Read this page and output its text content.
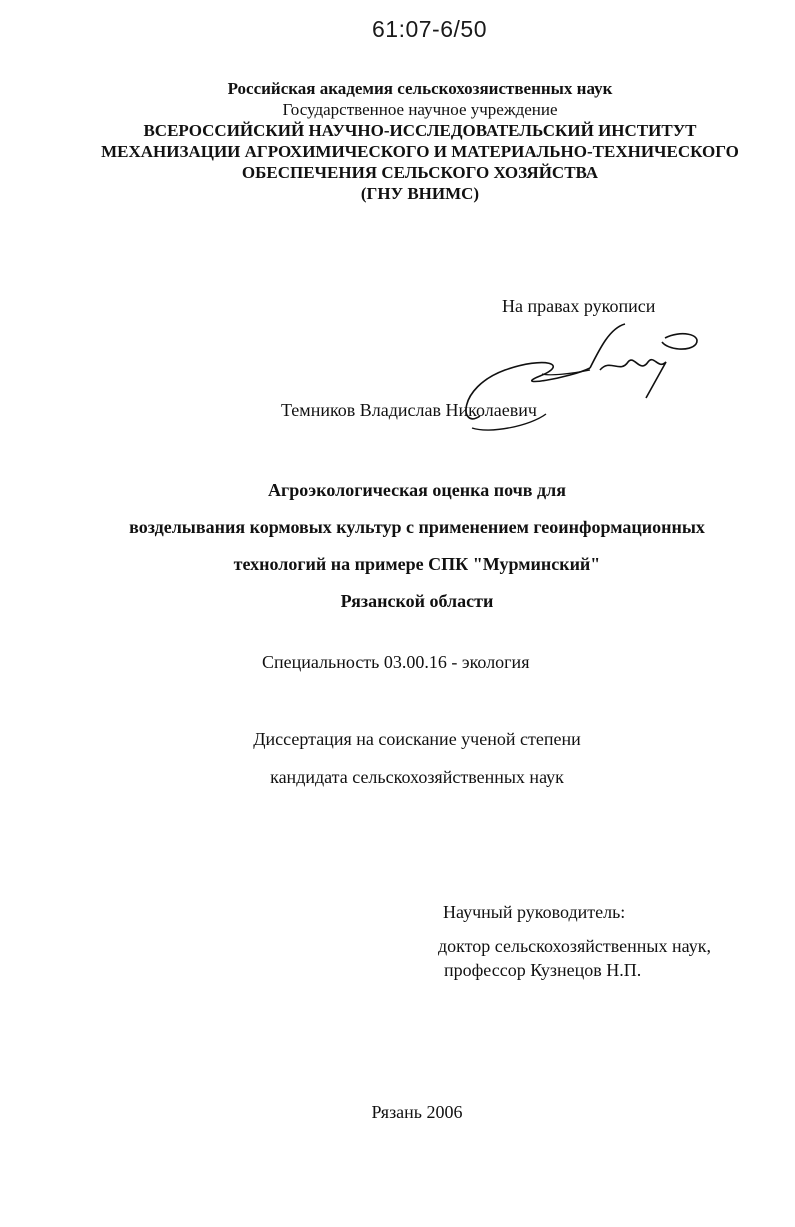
61:07-6/50
Российская академия сельскохозяиственных наук
Государственное научное учреждение
ВСЕРОССИЙСКИЙ НАУЧНО-ИССЛЕДОВАТЕЛЬСКИЙ ИНСТИТУТ
МЕХАНИЗАЦИИ АГРОХИМИЧЕСКОГО И МАТЕРИАЛЬНО-ТЕХНИЧЕСКОГО
ОБЕСПЕЧЕНИЯ СЕЛЬСКОГО ХОЗЯЙСТВА
(ГНУ ВНИМС)
На правах рукописи
Темников Владислав Николаевич
Агроэкологическая оценка почв для
возделывания кормовых культур с применением геоинформационных
технологий на примере СПК "Мурминский"
Рязанской области
Специальность 03.00.16 - экология
Диссертация на соискание ученой степени
кандидата сельскохозяйственных наук
Научный руководитель:
доктор сельскохозяйственных наук,
профессор Кузнецов Н.П.
Рязань 2006
